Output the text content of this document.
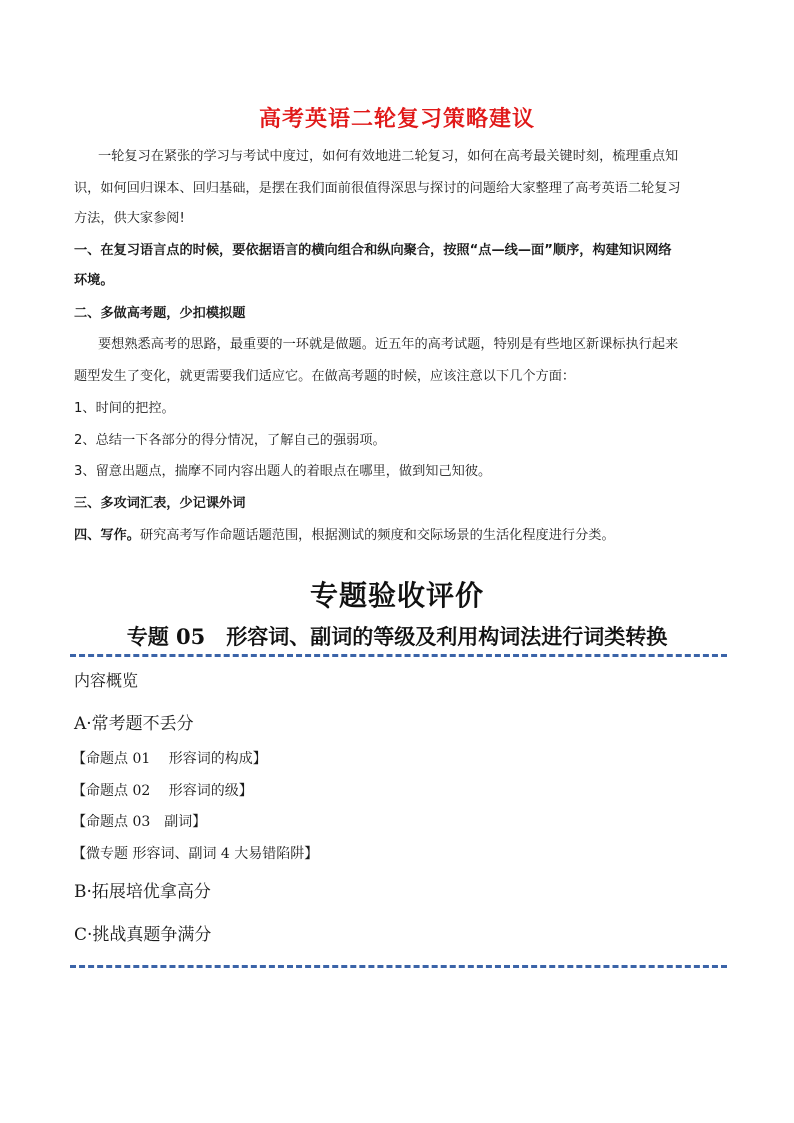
高考英语二轮复习策略建议
一轮复习在紧张的学习与考试中度过，如何有效地进二轮复习，如何在高考最关键时刻，梳理重点知
识，如何回归课本、回归基础，是摆在我们面前很值得深思与探讨的问题给大家整理了高考英语二轮复习
方法，供大家参阅!
一、在复习语言点的时候，要依据语言的横向组合和纵向聚合，按照“点—线—面”顺序，构建知识网络
环境。
二、多做高考题，少扣模拟题
要想熟悉高考的思路，最重要的一环就是做题。近五年的高考试题，特别是有些地区新课标执行起来
题型发生了变化，就更需要我们适应它。在做高考题的时候，应该注意以下几个方面：
1、时间的把控。
2、总结一下各部分的得分情况，了解自己的强弱项。
3、留意出题点，揣摩不同内容出题人的着眼点在哪里，做到知己知彼。
三、多攻词汇表，少记课外词
四、写作。研究高考写作命题话题范围，根据测试的频度和交际场景的生活化程度进行分类。
专题验收评价
专题 05　形容词、副词的等级及利用构词法进行词类转换
内容概览
A·常考题不丢分
【命题点 01　 形容词的构成】
【命题点 02　 形容词的级】
【命题点 03　副词】
【微专题 形容词、副词 4 大易错陷阱】
B·拓展培优拿高分
C·挑战真题争满分
